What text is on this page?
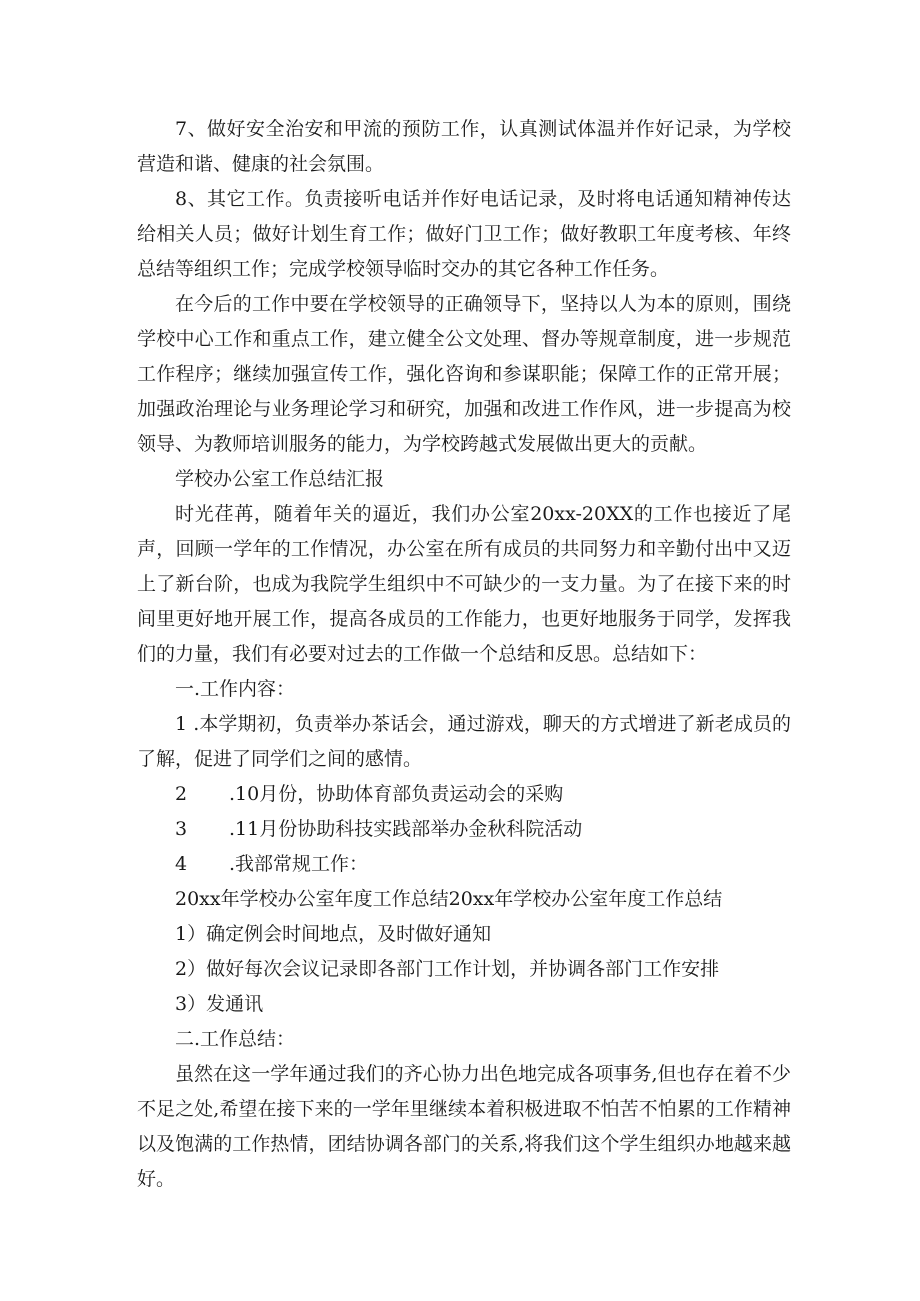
7、做好安全治安和甲流的预防工作，认真测试体温并作好记录，为学校营造和谐、健康的社会氛围。

8、其它工作。负责接听电话并作好电话记录，及时将电话通知精神传达给相关人员；做好计划生育工作；做好门卫工作；做好教职工年度考核、年终总结等组织工作；完成学校领导临时交办的其它各种工作任务。

在今后的工作中要在学校领导的正确领导下，坚持以人为本的原则，围绕学校中心工作和重点工作，建立健全公文处理、督办等规章制度，进一步规范工作程序；继续加强宣传工作，强化咨询和参谋职能；保障工作的正常开展；加强政治理论与业务理论学习和研究，加强和改进工作作风，进一步提高为校领导、为教师培训服务的能力，为学校跨越式发展做出更大的贡献。

学校办公室工作总结汇报

时光荏苒，随着年关的逼近，我们办公室20xx-20XX的工作也接近了尾声，回顾一学年的工作情况，办公室在所有成员的共同努力和辛勤付出中又迈上了新台阶，也成为我院学生组织中不可缺少的一支力量。为了在接下来的时间里更好地开展工作，提高各成员的工作能力，也更好地服务于同学，发挥我们的力量，我们有必要对过去的工作做一个总结和反思。总结如下：

一.工作内容：

1 .本学期初，负责举办茶话会，通过游戏，聊天的方式增进了新老成员的了解，促进了同学们之间的感情。

2 .10月份，协助体育部负责运动会的采购

3 .11月份协助科技实践部举办金秋科院活动

4 .我部常规工作：

20xx年学校办公室年度工作总结20xx年学校办公室年度工作总结

1）确定例会时间地点，及时做好通知

2）做好每次会议记录即各部门工作计划，并协调各部门工作安排

3）发通讯

二.工作总结：

虽然在这一学年通过我们的齐心协力出色地完成各项事务,但也存在着不少不足之处,希望在接下来的一学年里继续本着积极进取不怕苦不怕累的工作精神以及饱满的工作热情，团结协调各部门的关系,将我们这个学生组织办地越来越好。
